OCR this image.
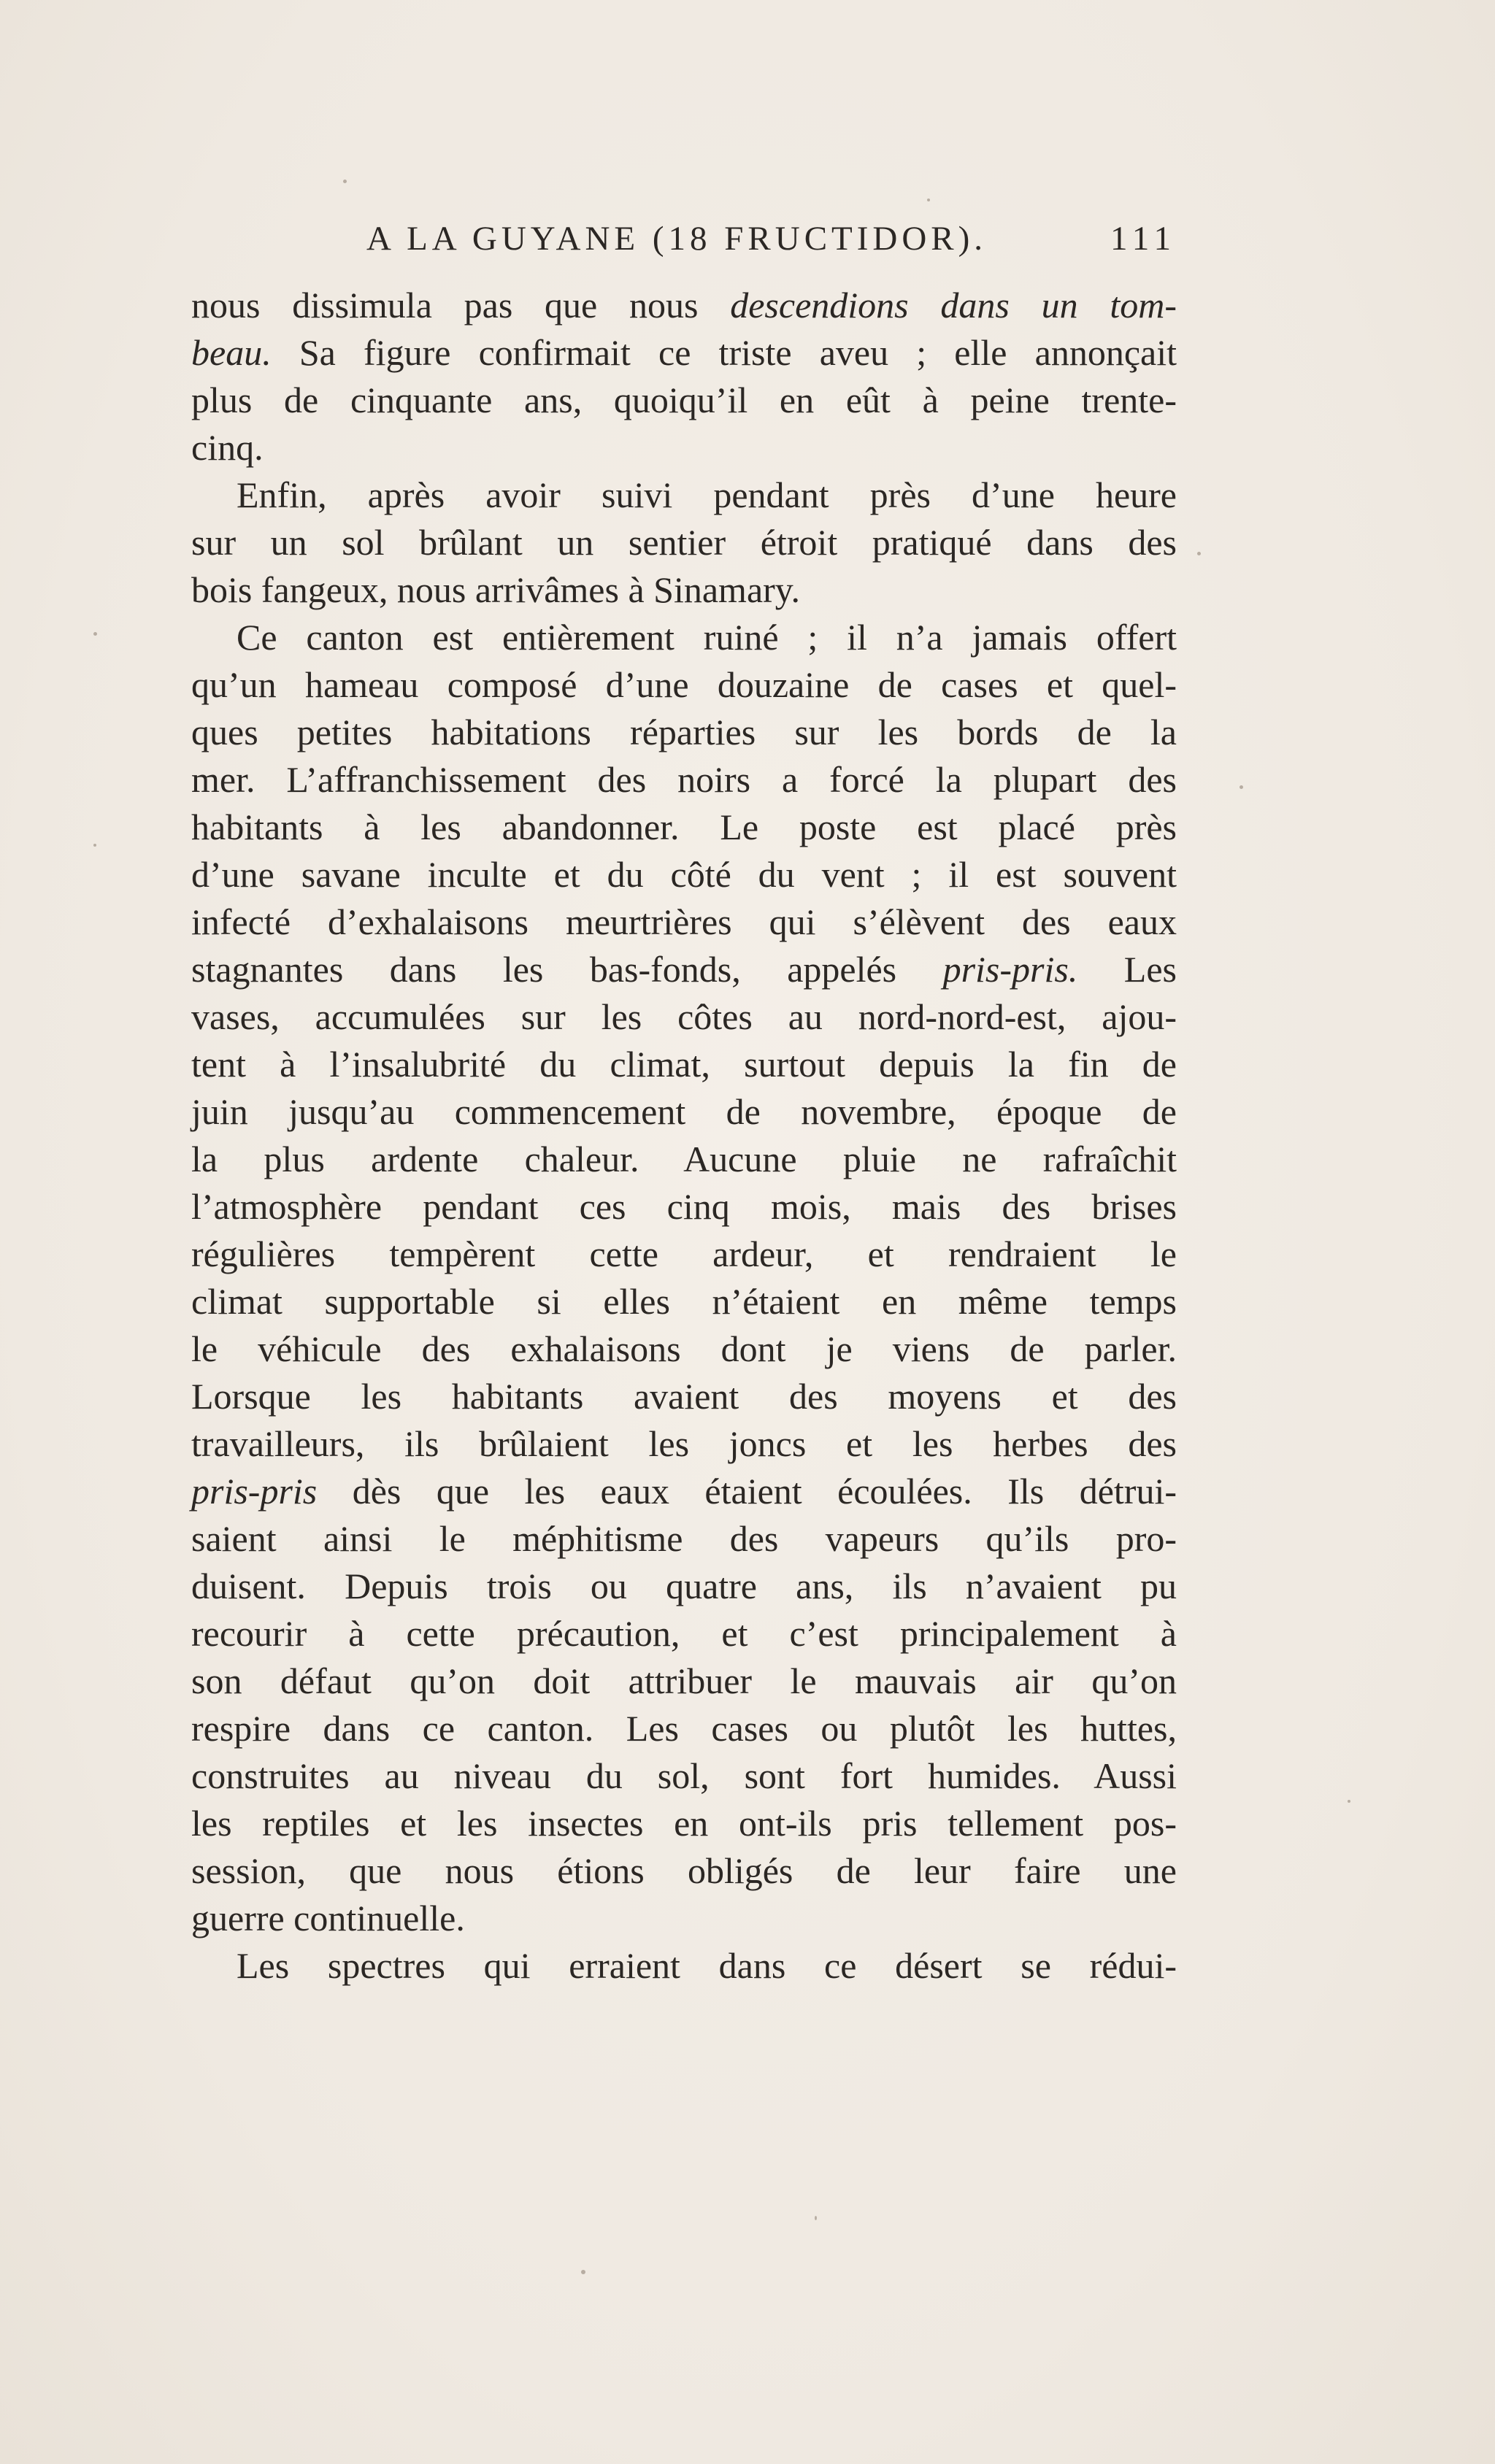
A LA GUYANE (18 FRUCTIDOR).	111
nous dissimula pas que nous descendions dans un tom-
beau. Sa figure confirmait ce triste aveu ; elle annonçait
plus de cinquante ans, quoiqu’il en eût à peine trente-
cinq.
Enfin, après avoir suivi pendant près d’une heure
sur un sol brûlant un sentier étroit pratiqué dans des
bois fangeux, nous arrivâmes à Sinamary.
Ce canton est entièrement ruiné ; il n’a jamais offert
qu’un hameau composé d’une douzaine de cases et quel-
ques petites habitations réparties sur les bords de la
mer. L’affranchissement des noirs a forcé la plupart des
habitants à les abandonner. Le poste est placé près
d’une savane inculte et du côté du vent ; il est souvent
infecté d’exhalaisons meurtrières qui s’élèvent des eaux
stagnantes dans les bas-fonds, appelés pris-pris. Les
vases, accumulées sur les côtes au nord-nord-est, ajou-
tent à l’insalubrité du climat, surtout depuis la fin de
juin jusqu’au commencement de novembre, époque de
la plus ardente chaleur. Aucune pluie ne rafraîchit
l’atmosphère pendant ces cinq mois, mais des brises
régulières tempèrent cette ardeur, et rendraient le
climat supportable si elles n’étaient en même temps
le véhicule des exhalaisons dont je viens de parler.
Lorsque les habitants avaient des moyens et des
travailleurs, ils brûlaient les joncs et les herbes des
pris-pris dès que les eaux étaient écoulées. Ils détrui-
saient ainsi le méphitisme des vapeurs qu’ils pro-
duisent. Depuis trois ou quatre ans, ils n’avaient pu
recourir à cette précaution, et c’est principalement à
son défaut qu’on doit attribuer le mauvais air qu’on
respire dans ce canton. Les cases ou plutôt les huttes,
construites au niveau du sol, sont fort humides. Aussi
les reptiles et les insectes en ont-ils pris tellement pos-
session, que nous étions obligés de leur faire une
guerre continuelle.
Les spectres qui erraient dans ce désert se rédui-
